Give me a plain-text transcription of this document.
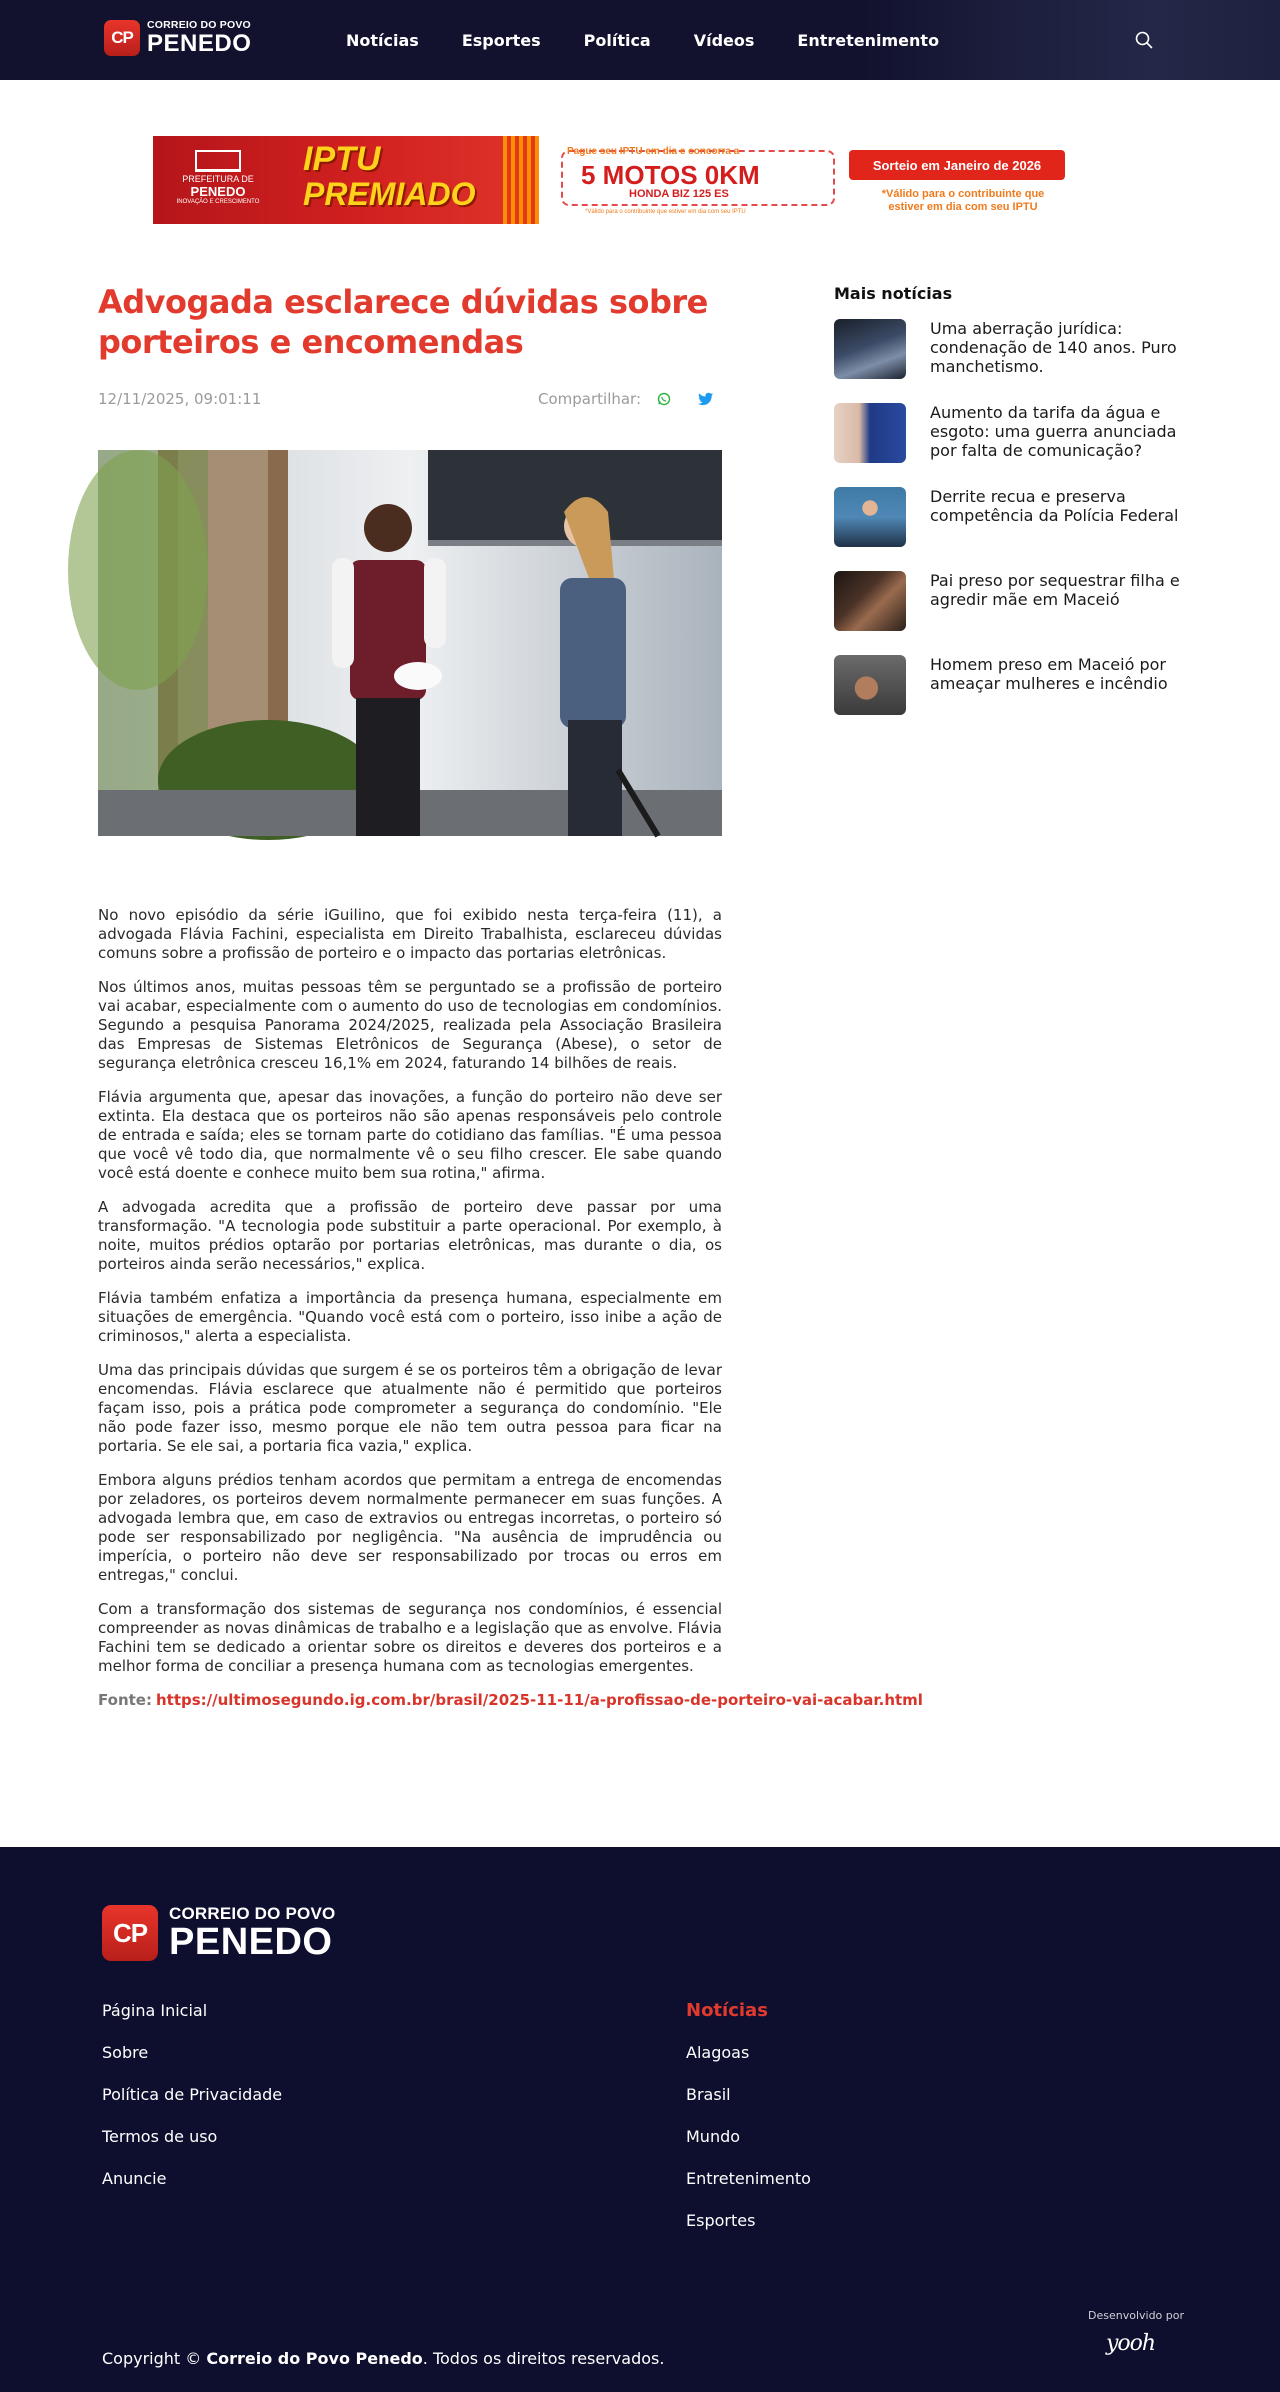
CP
CORREIO DO POVO
PENEDO	Notícias	Esportes	Política	Vídeos	Entretenimento
PREFEITURA DE
PENEDO
INOVAÇÃO E CRESCIMENTO
IPTU
PREMIADO
Pague seu IPTU em dia e concorra a
5 MOTOS 0KM
HONDA BIZ 125 ES
*Válido para o contribuinte que estiver em dia com seu IPTU
Sorteio em Janeiro de 2026
*Válido para o contribuinte que estiver em dia com seu IPTU
Advogada esclarece dúvidas sobre porteiros e encomendas
12/11/2025, 09:01:11	Compartilhar:

No novo episódio da série iGuilino, que foi exibido nesta terça-feira (11), a advogada Flávia Fachini, especialista em Direito Trabalhista, esclareceu dúvidas comuns sobre a profissão de porteiro e o impacto das portarias eletrônicas.

Nos últimos anos, muitas pessoas têm se perguntado se a profissão de porteiro vai acabar, especialmente com o aumento do uso de tecnologias em condomínios. Segundo a pesquisa Panorama 2024/2025, realizada pela Associação Brasileira das Empresas de Sistemas Eletrônicos de Segurança (Abese), o setor de segurança eletrônica cresceu 16,1% em 2024, faturando 14 bilhões de reais.

Flávia argumenta que, apesar das inovações, a função do porteiro não deve ser extinta. Ela destaca que os porteiros não são apenas responsáveis pelo controle de entrada e saída; eles se tornam parte do cotidiano das famílias. "É uma pessoa que você vê todo dia, que normalmente vê o seu filho crescer. Ele sabe quando você está doente e conhece muito bem sua rotina," afirma.

A advogada acredita que a profissão de porteiro deve passar por uma transformação. "A tecnologia pode substituir a parte operacional. Por exemplo, à noite, muitos prédios optarão por portarias eletrônicas, mas durante o dia, os porteiros ainda serão necessários," explica.

Flávia também enfatiza a importância da presença humana, especialmente em situações de emergência. "Quando você está com o porteiro, isso inibe a ação de criminosos," alerta a especialista.

Uma das principais dúvidas que surgem é se os porteiros têm a obrigação de levar encomendas. Flávia esclarece que atualmente não é permitido que porteiros façam isso, pois a prática pode comprometer a segurança do condomínio. "Ele não pode fazer isso, mesmo porque ele não tem outra pessoa para ficar na portaria. Se ele sai, a portaria fica vazia," explica.

Embora alguns prédios tenham acordos que permitam a entrega de encomendas por zeladores, os porteiros devem normalmente permanecer em suas funções. A advogada lembra que, em caso de extravios ou entregas incorretas, o porteiro só pode ser responsabilizado por negligência. "Na ausência de imprudência ou imperícia, o porteiro não deve ser responsabilizado por trocas ou erros em entregas," conclui.

Com a transformação dos sistemas de segurança nos condomínios, é essencial compreender as novas dinâmicas de trabalho e a legislação que as envolve. Flávia Fachini tem se dedicado a orientar sobre os direitos e deveres dos porteiros e a melhor forma de conciliar a presença humana com as tecnologias emergentes.

Fonte: https://ultimosegundo.ig.com.br/brasil/2025-11-11/a-profissao-de-porteiro-vai-acabar.html
Mais notícias
Uma aberração jurídica: condenação de 140 anos. Puro manchetismo.
Aumento da tarifa da água e esgoto: uma guerra anunciada por falta de comunicação?
Derrite recua e preserva competência da Polícia Federal
Pai preso por sequestrar filha e agredir mãe em Maceió
Homem preso em Maceió por ameaçar mulheres e incêndio
CP
CORREIO DO POVO
PENEDO
Página Inicial
Sobre
Política de Privacidade
Termos de uso
Anuncie
Notícias
Alagoas
Brasil
Mundo
Entretenimento
Esportes
Desenvolvido por
yooh
Copyright © Correio do Povo Penedo. Todos os direitos reservados.
